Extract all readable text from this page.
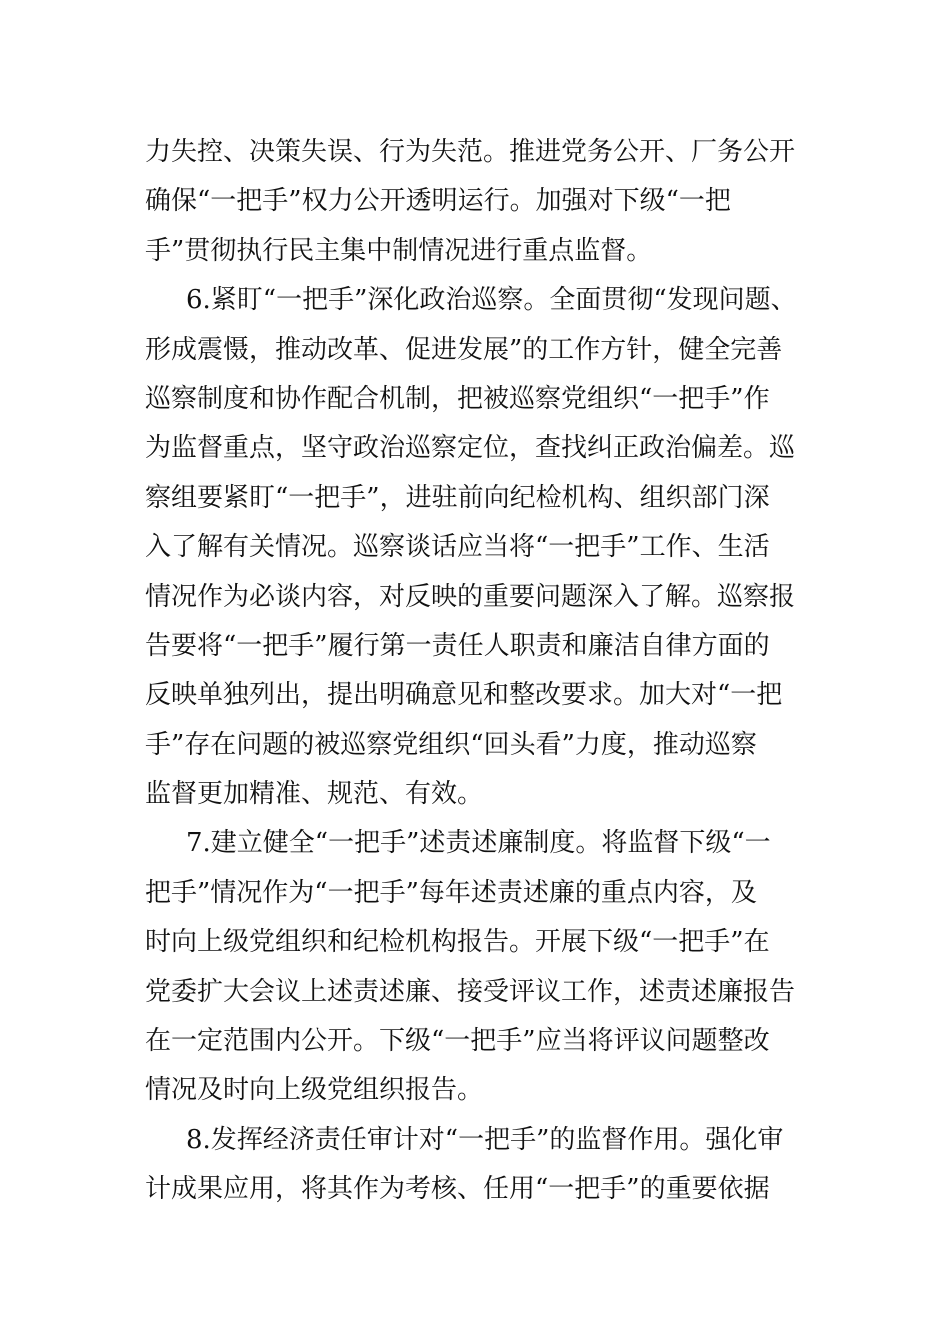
力失控、决策失误、行为失范。推进党务公开、厂务公开
确保“一把手”权力公开透明运行。加强对下级“一把
手”贯彻执行民主集中制情况进行重点监督。
6.紧盯“一把手”深化政治巡察。全面贯彻“发现问题、
形成震慑，推动改革、促进发展”的工作方针，健全完善
巡察制度和协作配合机制，把被巡察党组织“一把手”作
为监督重点，坚守政治巡察定位，查找纠正政治偏差。巡
察组要紧盯“一把手”，进驻前向纪检机构、组织部门深
入了解有关情况。巡察谈话应当将“一把手”工作、生活
情况作为必谈内容，对反映的重要问题深入了解。巡察报
告要将“一把手”履行第一责任人职责和廉洁自律方面的
反映单独列出，提出明确意见和整改要求。加大对“一把
手”存在问题的被巡察党组织“回头看”力度，推动巡察
监督更加精准、规范、有效。
7.建立健全“一把手”述责述廉制度。将监督下级“一
把手”情况作为“一把手”每年述责述廉的重点内容，及
时向上级党组织和纪检机构报告。开展下级“一把手”在
党委扩大会议上述责述廉、接受评议工作，述责述廉报告
在一定范围内公开。下级“一把手”应当将评议问题整改
情况及时向上级党组织报告。
8.发挥经济责任审计对“一把手”的监督作用。强化审
计成果应用，将其作为考核、任用“一把手”的重要依据
